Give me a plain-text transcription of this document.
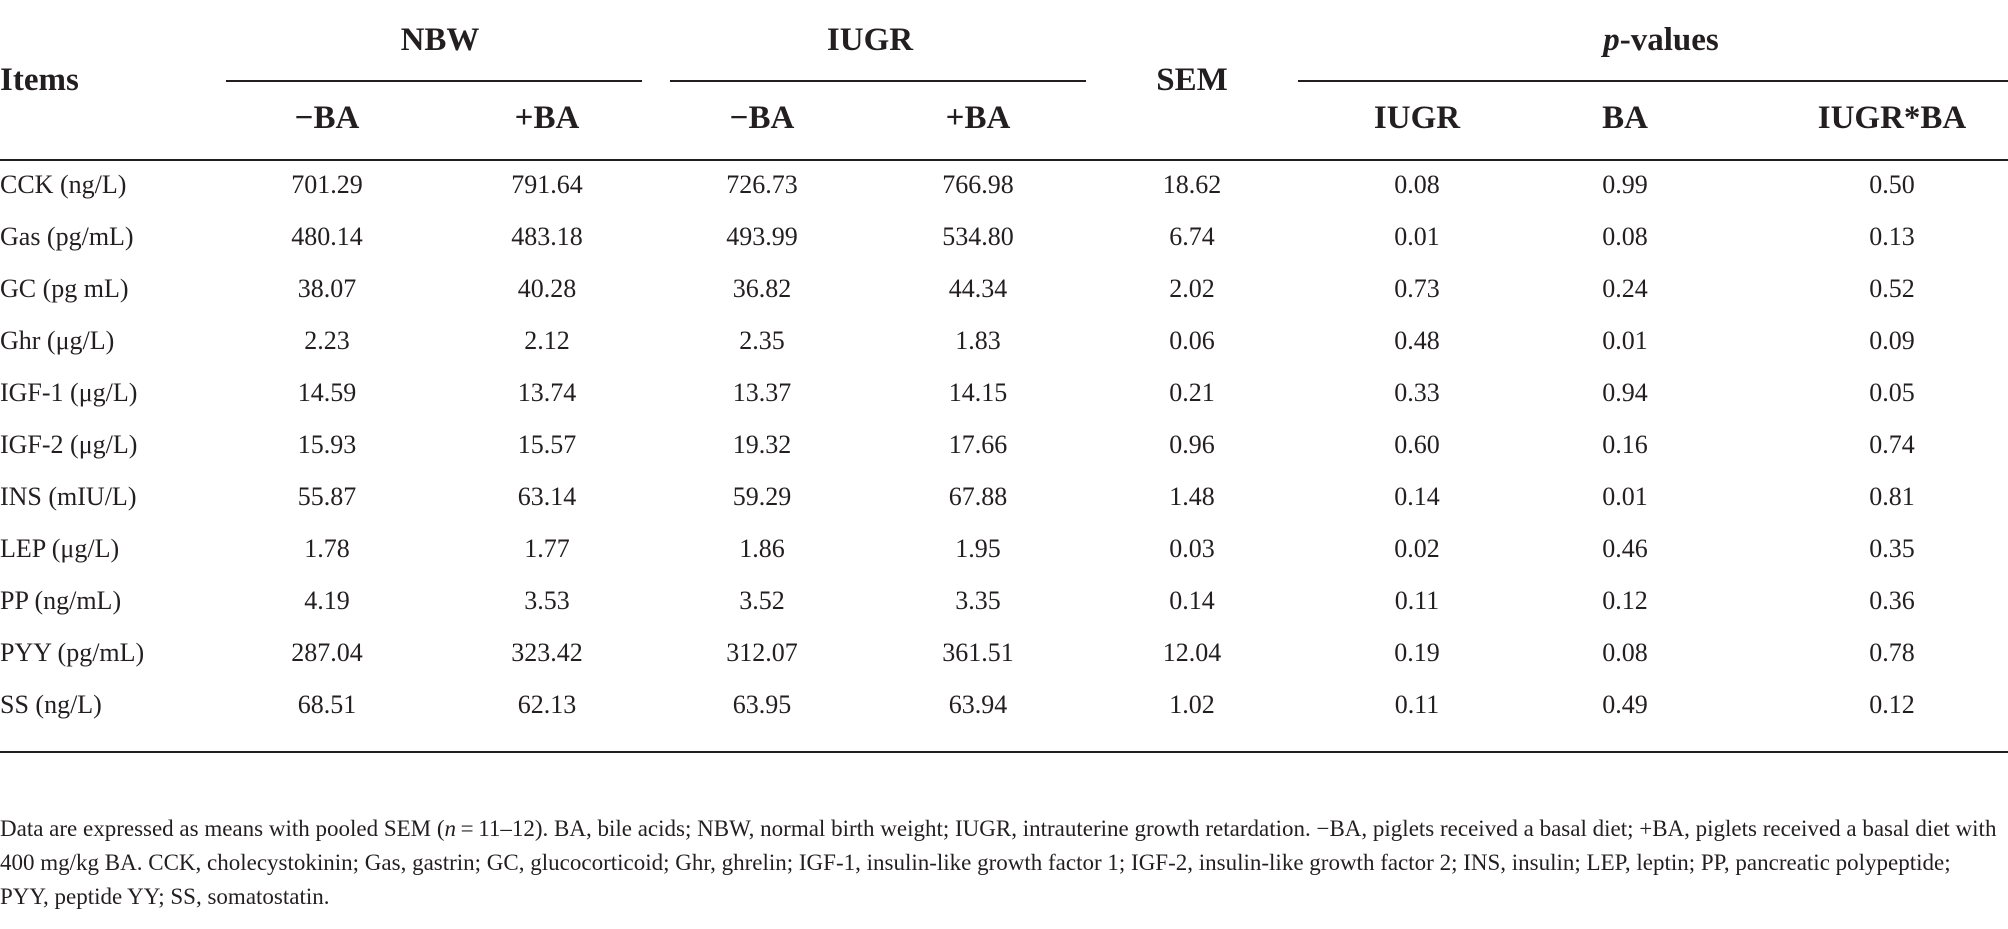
Items
NBW	IUGR
SEM
p-values
−BA	+BA	−BA	+BA	IUGR	BA	IUGR*BA
CCK (ng/L)	701.29	791.64	726.73	766.98	18.62	0.08	0.99	0.50
Gas (pg/mL)	480.14	483.18	493.99	534.80	6.74	0.01	0.08	0.13
GC (pg mL)	38.07	40.28	36.82	44.34	2.02	0.73	0.24	0.52
Ghr (μg/L)	2.23	2.12	2.35	1.83	0.06	0.48	0.01	0.09
IGF-1 (μg/L)	14.59	13.74	13.37	14.15	0.21	0.33	0.94	0.05
IGF-2 (μg/L)	15.93	15.57	19.32	17.66	0.96	0.60	0.16	0.74
INS (mIU/L)	55.87	63.14	59.29	67.88	1.48	0.14	0.01	0.81
LEP (μg/L)	1.78	1.77	1.86	1.95	0.03	0.02	0.46	0.35
PP (ng/mL)	4.19	3.53	3.52	3.35	0.14	0.11	0.12	0.36
PYY (pg/mL)	287.04	323.42	312.07	361.51	12.04	0.19	0.08	0.78
SS (ng/L)	68.51	62.13	63.95	63.94	1.02	0.11	0.49	0.12
Data are expressed as means with pooled SEM (n = 11–12). BA, bile acids; NBW, normal birth weight; IUGR, intrauterine growth retardation. −BA, piglets received a basal diet; +BA, piglets received a basal diet with 400 mg/kg BA. CCK, cholecystokinin; Gas, gastrin; GC, glucocorticoid; Ghr, ghrelin; IGF-1, insulin-like growth factor 1; IGF-2, insulin-like growth factor 2; INS, insulin; LEP, leptin; PP, pancreatic polypeptide; PYY, peptide YY; SS, somatostatin.
